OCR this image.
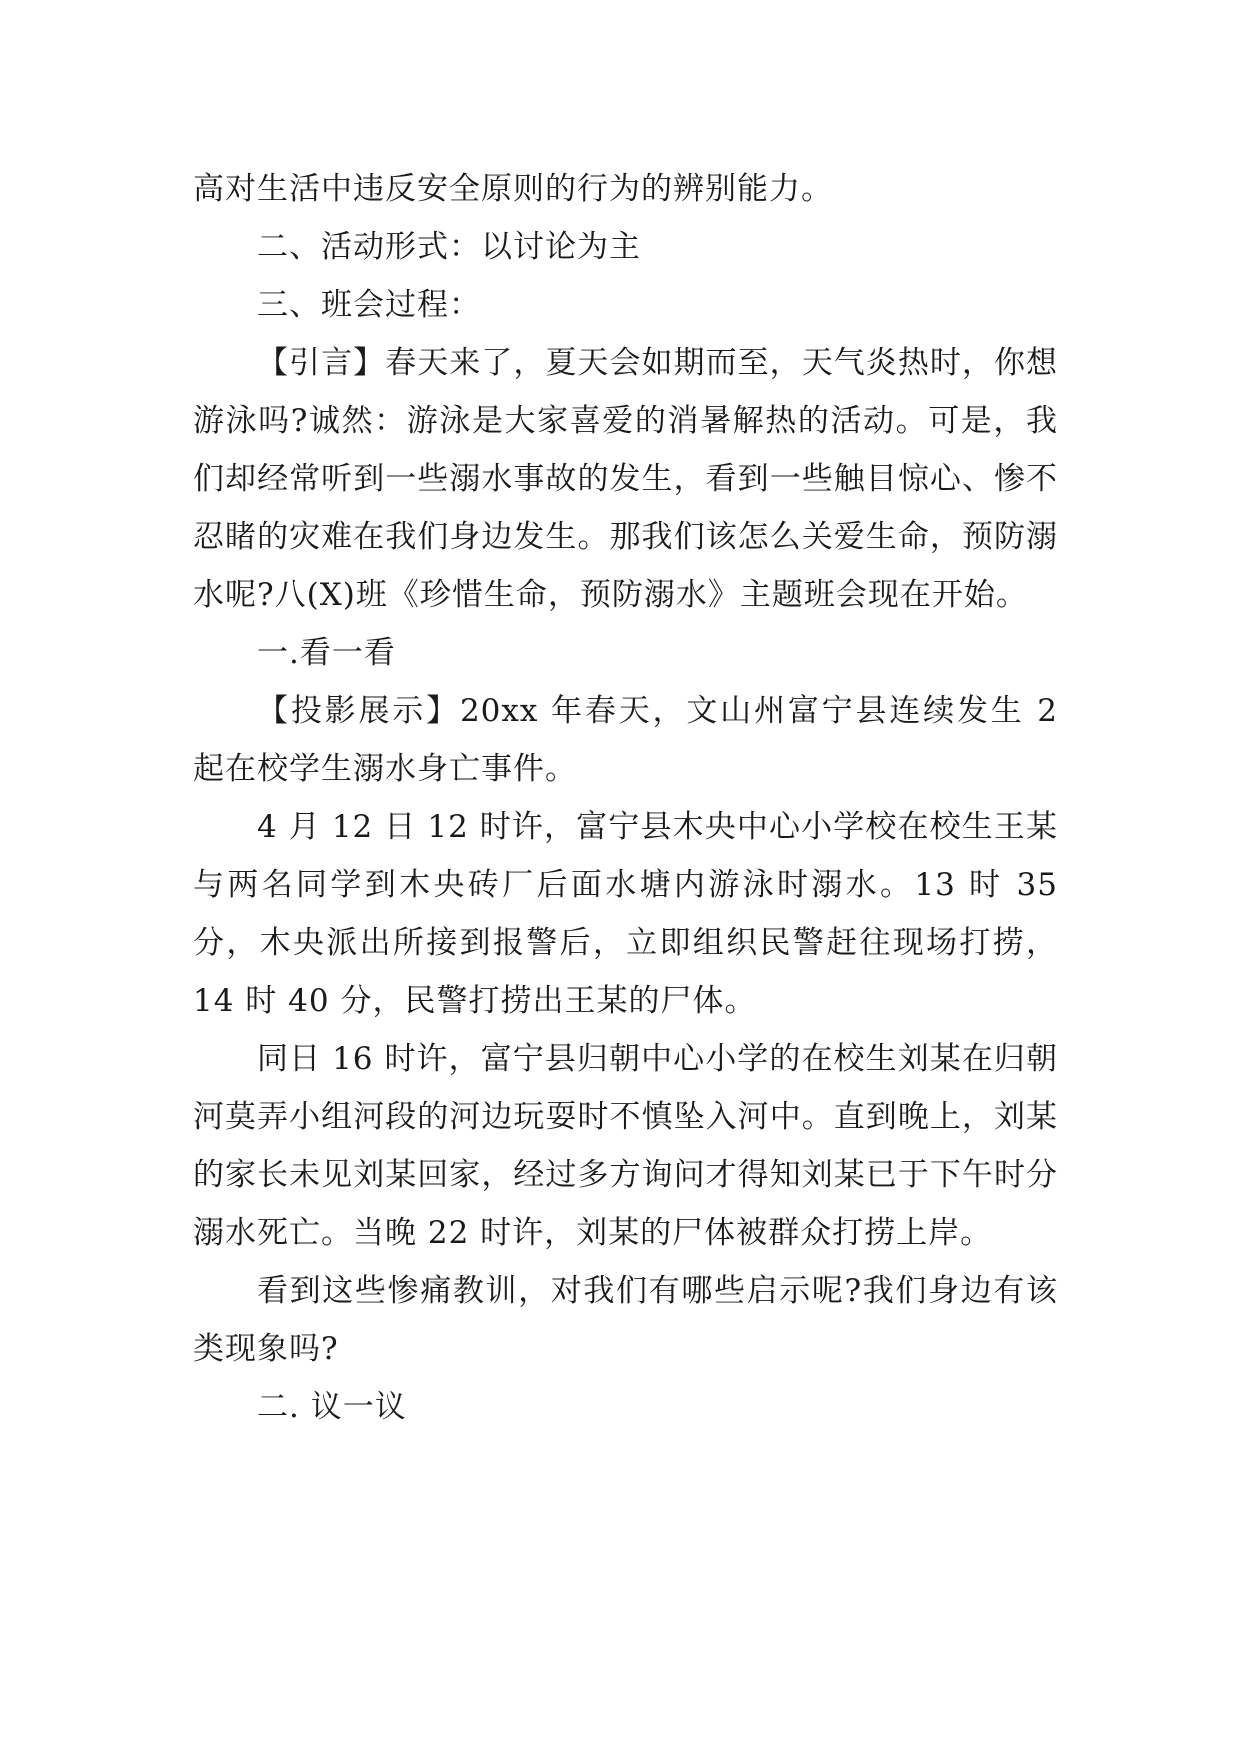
高对生活中违反安全原则的行为的辨别能力。

二、活动形式：以讨论为主

三、班会过程：

【引言】春天来了，夏天会如期而至，天气炎热时，你想游泳吗?诚然：游泳是大家喜爱的消暑解热的活动。可是，我们却经常听到一些溺水事故的发生，看到一些触目惊心、惨不忍睹的灾难在我们身边发生。那我们该怎么关爱生命，预防溺水呢?八(X)班《珍惜生命，预防溺水》主题班会现在开始。

一.看一看

【投影展示】20xx 年春天，文山州富宁县连续发生 2 起在校学生溺水身亡事件。

4 月 12 日 12 时许，富宁县木央中心小学校在校生王某与两名同学到木央砖厂后面水塘内游泳时溺水。13 时 35 分，木央派出所接到报警后，立即组织民警赶往现场打捞，14 时 40 分，民警打捞出王某的尸体。

同日 16 时许，富宁县归朝中心小学的在校生刘某在归朝河莫弄小组河段的河边玩耍时不慎坠入河中。直到晚上，刘某的家长未见刘某回家，经过多方询问才得知刘某已于下午时分溺水死亡。当晚 22 时许，刘某的尸体被群众打捞上岸。

看到这些惨痛教训，对我们有哪些启示呢?我们身边有该类现象吗?

二. 议一议
